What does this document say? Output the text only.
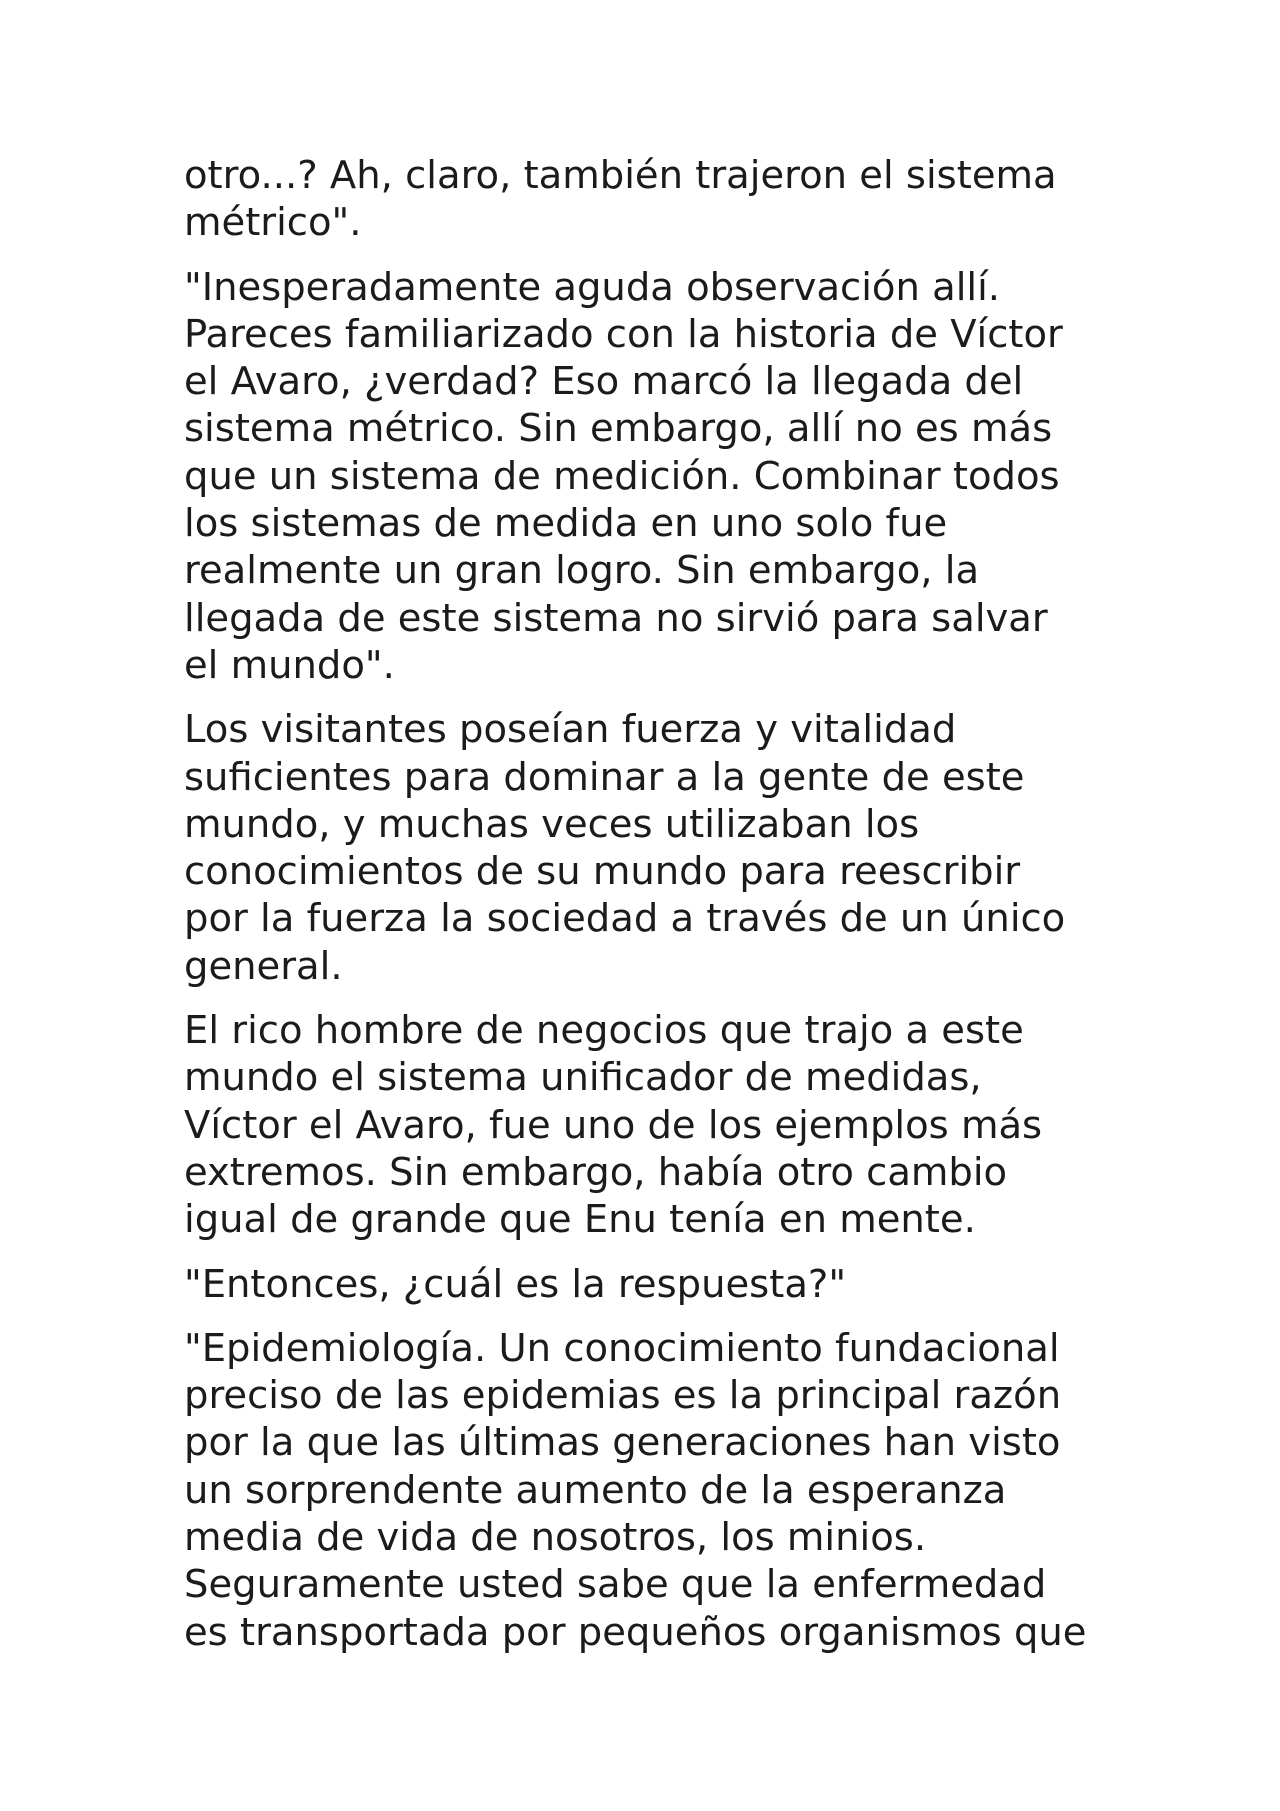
otro...? Ah, claro, también trajeron el sistema
métrico".

"Inesperadamente aguda observación allí.
Pareces familiarizado con la historia de Víctor
el Avaro, ¿verdad? Eso marcó la llegada del
sistema métrico. Sin embargo, allí no es más
que un sistema de medición. Combinar todos
los sistemas de medida en uno solo fue
realmente un gran logro. Sin embargo, la
llegada de este sistema no sirvió para salvar
el mundo".

Los visitantes poseían fuerza y vitalidad
suficientes para dominar a la gente de este
mundo, y muchas veces utilizaban los
conocimientos de su mundo para reescribir
por la fuerza la sociedad a través de un único
general.

El rico hombre de negocios que trajo a este
mundo el sistema unificador de medidas,
Víctor el Avaro, fue uno de los ejemplos más
extremos. Sin embargo, había otro cambio
igual de grande que Enu tenía en mente.

"Entonces, ¿cuál es la respuesta?"

"Epidemiología. Un conocimiento fundacional
preciso de las epidemias es la principal razón
por la que las últimas generaciones han visto
un sorprendente aumento de la esperanza
media de vida de nosotros, los minios.
Seguramente usted sabe que la enfermedad
es transportada por pequeños organismos que
